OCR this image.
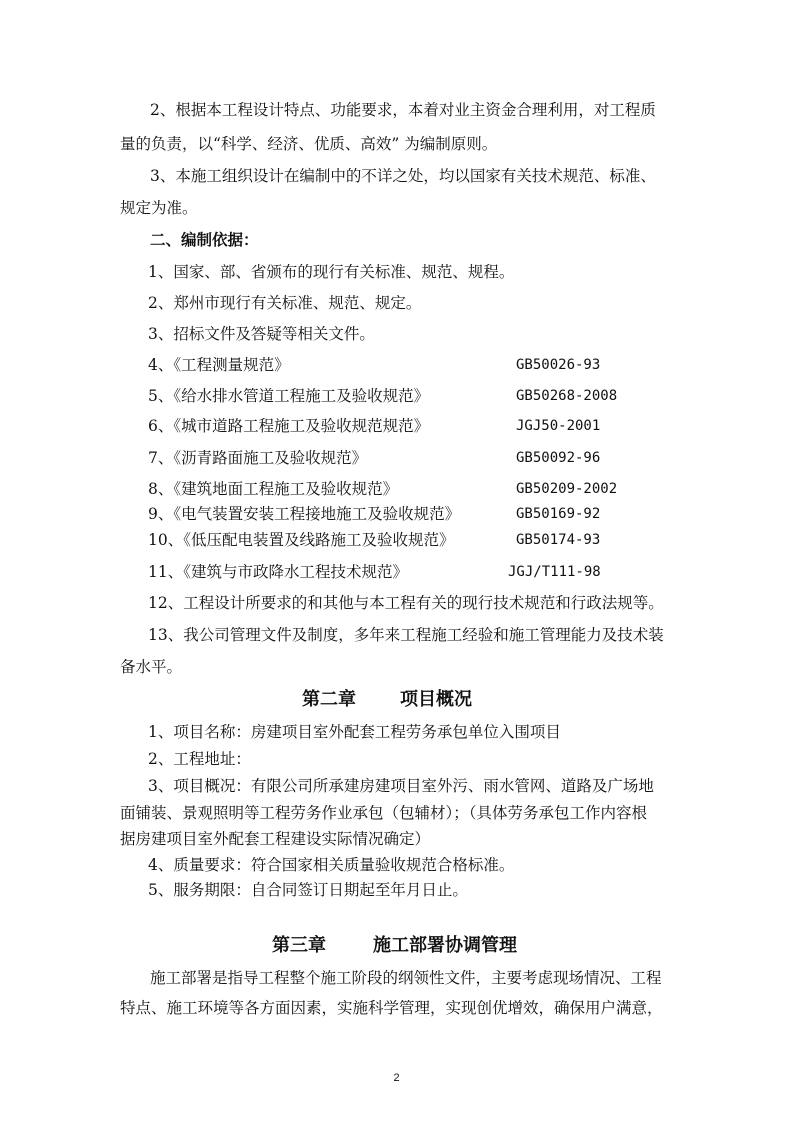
2、根据本工程设计特点、功能要求，本着对业主资金合理利用，对工程质
量的负责，以“科学、经济、优质、高效” 为编制原则。
3、本施工组织设计在编制中的不详之处，均以国家有关技术规范、标准、
规定为准。
二、编制依据：
1、国家、部、省颁布的现行有关标准、规范、规程。
2、郑州市现行有关标准、规范、规定。
3、招标文件及答疑等相关文件。
4、《工程测量规范》	GB50026-93
5、《给水排水管道工程施工及验收规范》	GB50268-2008
6、《城市道路工程施工及验收规范规范》	JGJ50-2001
7、《沥青路面施工及验收规范》	GB50092-96
8、《建筑地面工程施工及验收规范》	GB50209-2002
9、《电气装置安装工程接地施工及验收规范》	GB50169-92
10、《低压配电装置及线路施工及验收规范》	GB50174-93
11、《建筑与市政降水工程技术规范》	JGJ/T111-98
12、工程设计所要求的和其他与本工程有关的现行技术规范和行政法规等。
13、我公司管理文件及制度，多年来工程施工经验和施工管理能力及技术装
备水平。
第二章 项目概况
1、项目名称：房建项目室外配套工程劳务承包单位入围项目
2、工程地址：
3、项目概况：有限公司所承建房建项目室外污、雨水管网、道路及广场地
面铺装、景观照明等工程劳务作业承包（包辅材）；（具体劳务承包工作内容根
据房建项目室外配套工程建设实际情况确定）
4、质量要求：符合国家相关质量验收规范合格标准。
5、服务期限：自合同签订日期起至年月日止。
第三章	施工部署协调管理
施工部署是指导工程整个施工阶段的纲领性文件，主要考虑现场情况、工程
特点、施工环境等各方面因素，实施科学管理，实现创优增效，确保用户满意，
2
